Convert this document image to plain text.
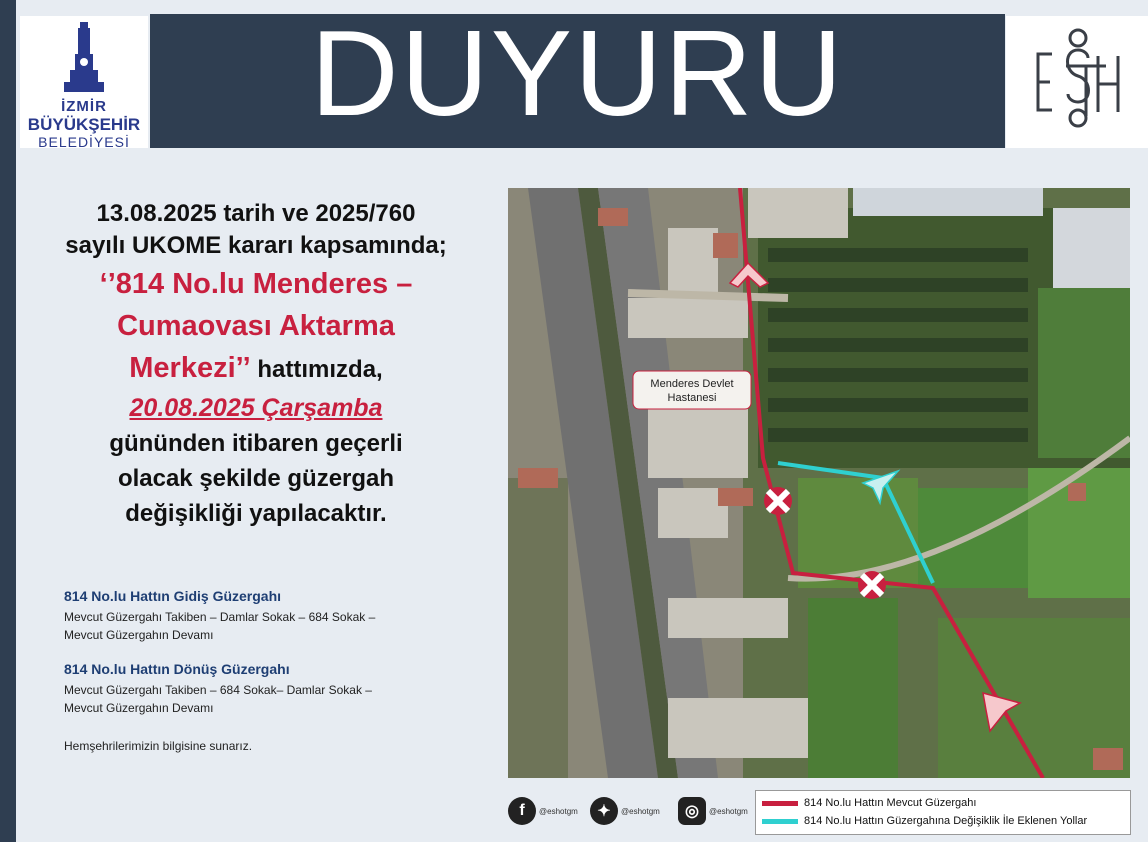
DUYURU
İZMİR
BÜYÜKŞEHİR
BELEDİYESİ
13.08.2025 tarih ve 2025/760
sayılı UKOME kararı kapsamında;
‘’814 No.lu Menderes –
Cumaovası Aktarma
Merkezi’’ hattımızda,
20.08.2025 Çarşamba
gününden itibaren geçerli
olacak şekilde güzergah
değişikliği yapılacaktır.
814 No.lu Hattın Gidiş Güzergahı
Mevcut Güzergahı Takiben – Damlar Sokak – 684 Sokak –
Mevcut Güzergahın Devamı
814 No.lu Hattın Dönüş Güzergahı
Mevcut Güzergahı Takiben – 684 Sokak– Damlar Sokak –
Mevcut Güzergahın Devamı
Hemşehrilerimizin bilgisine sunarız.
Menderes Devlet
Hastanesi
f	@eshotgm	✦	@eshotgm	◎	@eshotgm
814 No.lu Hattın Mevcut Güzergahı
814 No.lu Hattın Güzergahına Değişiklik İle Eklenen Yollar
